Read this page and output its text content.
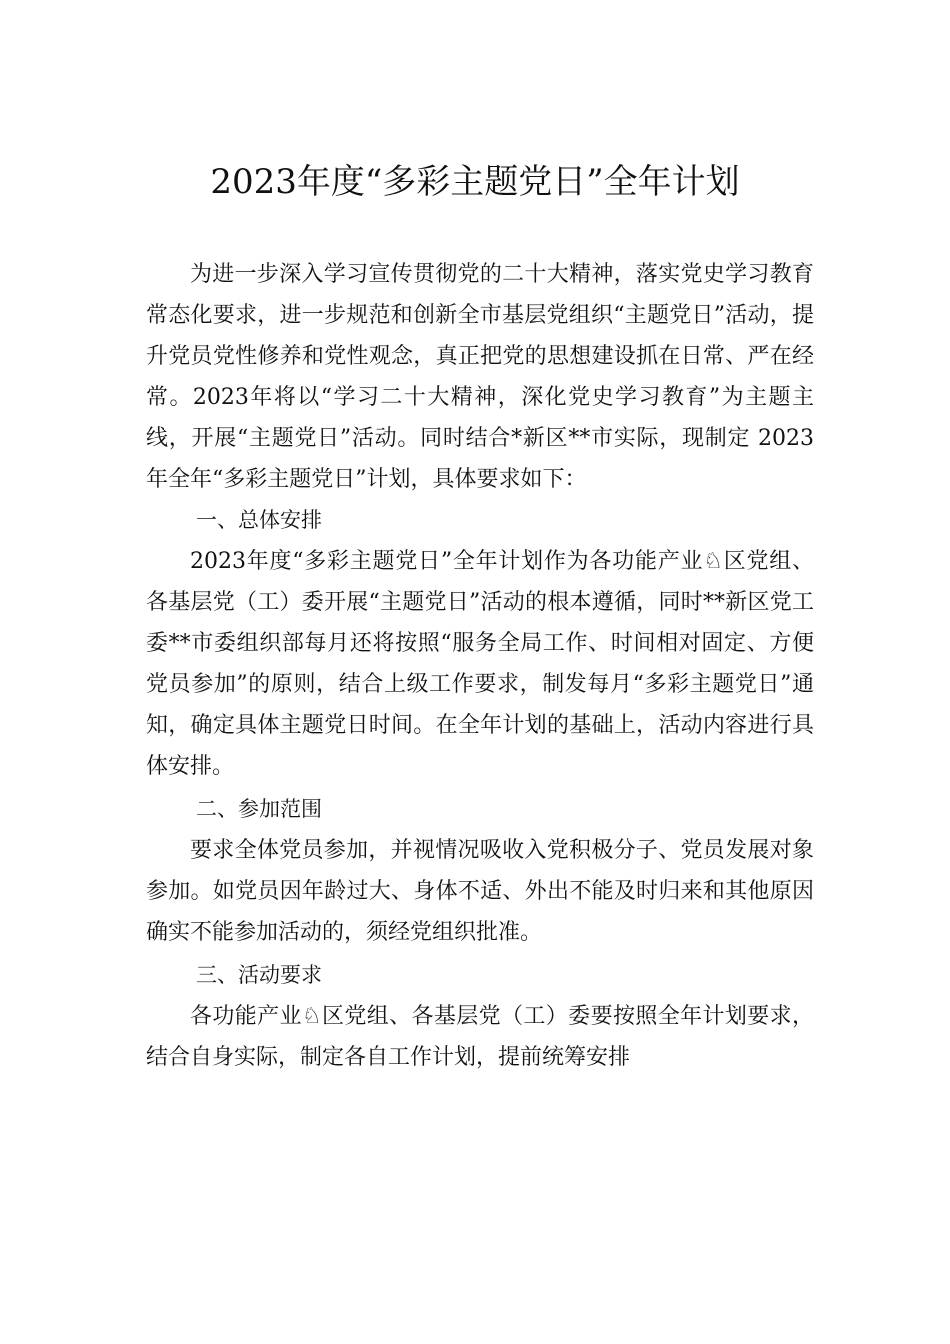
2023年度“多彩主题党日”全年计划

为进一步深入学习宣传贯彻党的二十大精神，落实党史学习教育常态化要求，进一步规范和创新全市基层党组织“主题党日”活动，提升党员党性修养和党性观念，真正把党的思想建设抓在日常、严在经常。2023年将以“学习二十大精神，深化党史学习教育”为主题主线，开展“主题党日”活动。同时结合*新区**市实际，现制定 2023年全年“多彩主题党日”计划，具体要求如下：

一、总体安排

2023年度“多彩主题党日”全年计划作为各功能产业♘区党组、各基层党（工）委开展“主题党日”活动的根本遵循，同时**新区党工委**市委组织部每月还将按照“服务全局工作、时间相对固定、方便党员参加”的原则，结合上级工作要求，制发每月“多彩主题党日”通知，确定具体主题党日时间。在全年计划的基础上，活动内容进行具体安排。

二、参加范围

要求全体党员参加，并视情况吸收入党积极分子、党员发展对象参加。如党员因年龄过大、身体不适、外出不能及时归来和其他原因确实不能参加活动的，须经党组织批准。

三、活动要求

各功能产业♘区党组、各基层党（工）委要按照全年计划要求，结合自身实际，制定各自工作计划，提前统筹安排
